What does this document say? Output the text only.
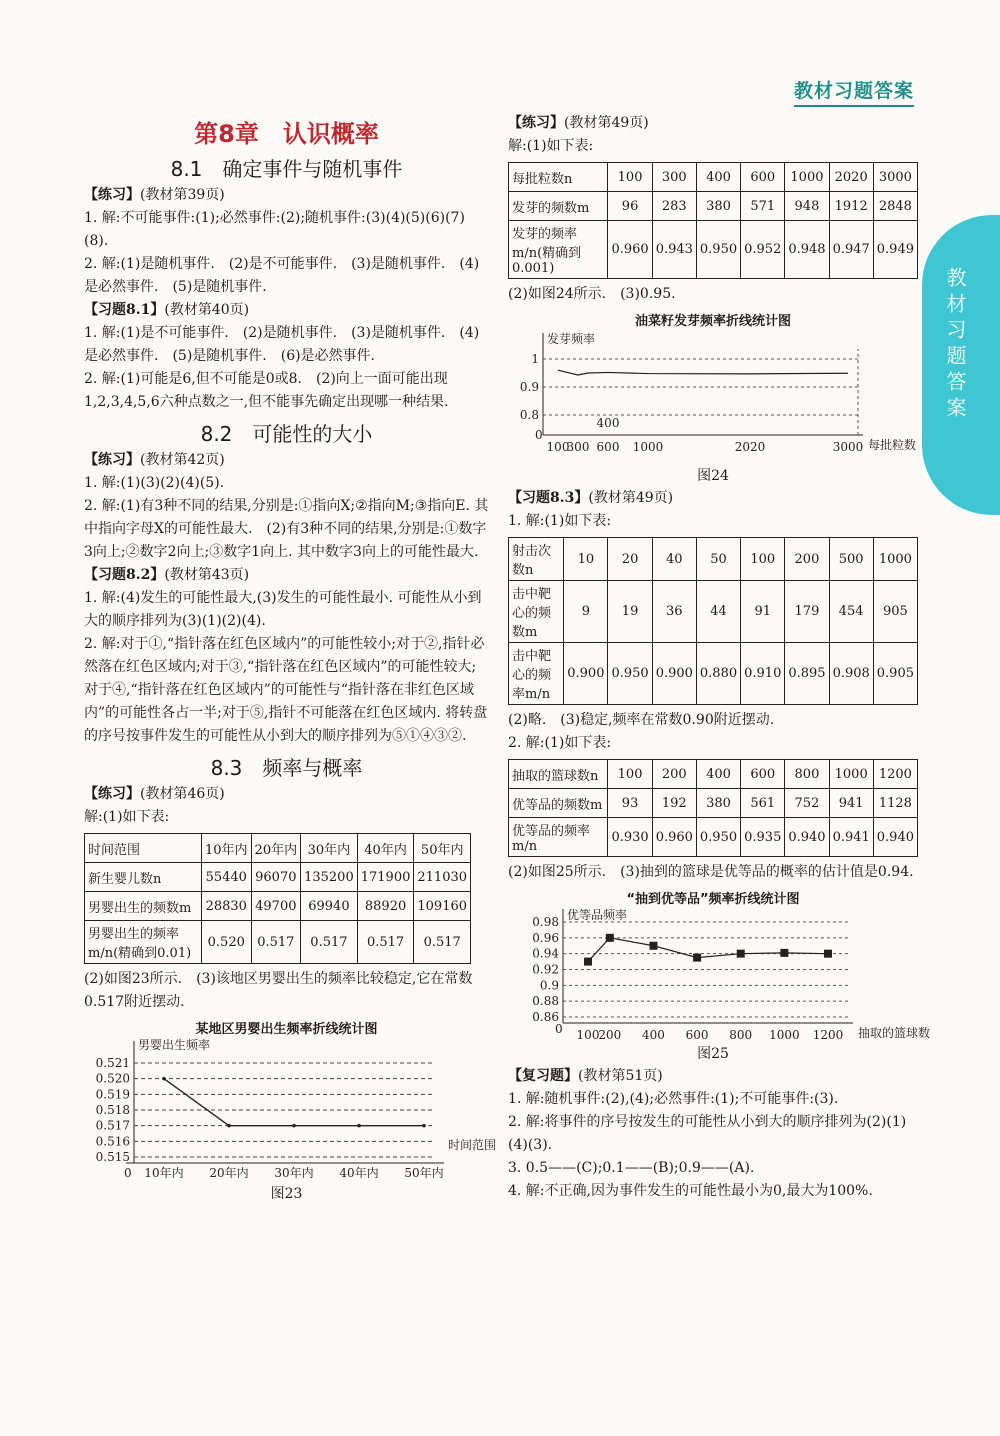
教材习题答案
教材习题答案
第8章　认识概率
8.1　确定事件与随机事件

【练习】(教材第39页)

1. 解:不可能事件:(1);必然事件:(2);随机事件:(3)(4)(5)(6)(7)(8).

2. 解:(1)是随机事件.　(2)是不可能事件.　(3)是随机事件.　(4)是必然事件.　(5)是随机事件.

【习题8.1】(教材第40页)

1. 解:(1)是不可能事件.　(2)是随机事件.　(3)是随机事件.　(4)是必然事件.　(5)是随机事件.　(6)是必然事件.

2. 解:(1)可能是6,但不可能是0或8.　(2)向上一面可能出现1,2,3,4,5,6六种点数之一,但不能事先确定出现哪一种结果.

8.2　可能性的大小

【练习】(教材第42页)

1. 解:(1)(3)(2)(4)(5).

2. 解:(1)有3种不同的结果,分别是:①指向X;②指向M;③指向E. 其中指向字母X的可能性最大.　(2)有3种不同的结果,分别是:①数字3向上;②数字2向上;③数字1向上. 其中数字3向上的可能性最大.

【习题8.2】(教材第43页)

1. 解:(4)发生的可能性最大,(3)发生的可能性最小. 可能性从小到大的顺序排列为(3)(1)(2)(4).

2. 解:对于①,“指针落在红色区域内”的可能性较小;对于②,指针必然落在红色区域内;对于③,“指针落在红色区域内”的可能性较大;对于④,“指针落在红色区域内”的可能性与“指针落在非红色区域内”的可能性各占一半;对于⑤,指针不可能落在红色区域内. 将转盘的序号按事件发生的可能性从小到大的顺序排列为⑤①④③②.

8.3　频率与概率

【练习】(教材第46页)

解:(1)如下表:

时间范围	10年内	20年内	30年内	40年内	50年内
新生婴儿数n	55440	96070	135200	171900	211030
男婴出生的频数m	28830	49700	69940	88920	109160
男婴出生的频率m/n(精确到0.01)	0.520	0.517	0.517	0.517	0.517

(2)如图23所示.　(3)该地区男婴出生的频率比较稳定,它在常数0.517附近摆动.

某地区男婴出生频率折线统计图
0
0.515
0.516
0.517
0.518
0.519
0.520
0.521
男婴出生频率
时间范围
10年内 20年内 30年内 40年内 50年内
图23

【练习】(教材第49页)

解:(1)如下表:

每批粒数n	100	300	400	600	1000	2020	3000
发芽的频数m	96	283	380	571	948	1912	2848
发芽的频率m/n(精确到0.001)	0.960	0.943	0.950	0.952	0.948	0.947	0.949

(2)如图24所示.　(3)0.95.

油菜籽发芽频率折线统计图
0
0.8
0.9
1
发芽频率
每批粒数
100
300 600 1000	2020	3000
400
图24

【习题8.3】(教材第49页)

1. 解:(1)如下表:

射击次数n	10	20	40	50	100	200	500	1000
击中靶心的频数m	9	19	36	44	91	179	454	905
击中靶心的频率m/n	0.900	0.950	0.900	0.880	0.910	0.895	0.908	0.905

(2)略.　(3)稳定,频率在常数0.90附近摆动.

2. 解:(1)如下表:

抽取的篮球数n	100	200	400	600	800	1000	1200
优等品的频数m	93	192	380	561	752	941	1128
优等品的频率m/n	0.930	0.960	0.950	0.935	0.940	0.941	0.940

(2)如图25所示.　(3)抽到的篮球是优等品的概率的估计值是0.94.

“抽到优等品”频率折线统计图
0
0.86
0.88
0.9
0.92
0.94
0.96
0.98 优等品频率
抽取的篮球数
100
200 400 600 800 1000 1200
图25

【复习题】(教材第51页)

1. 解:随机事件:(2),(4);必然事件:(1);不可能事件:(3).

2. 解:将事件的序号按发生的可能性从小到大的顺序排列为(2)(1)(4)(3).

3. 0.5——(C);0.1——(B);0.9——(A).

4. 解:不正确,因为事件发生的可能性最小为0,最大为100%.
